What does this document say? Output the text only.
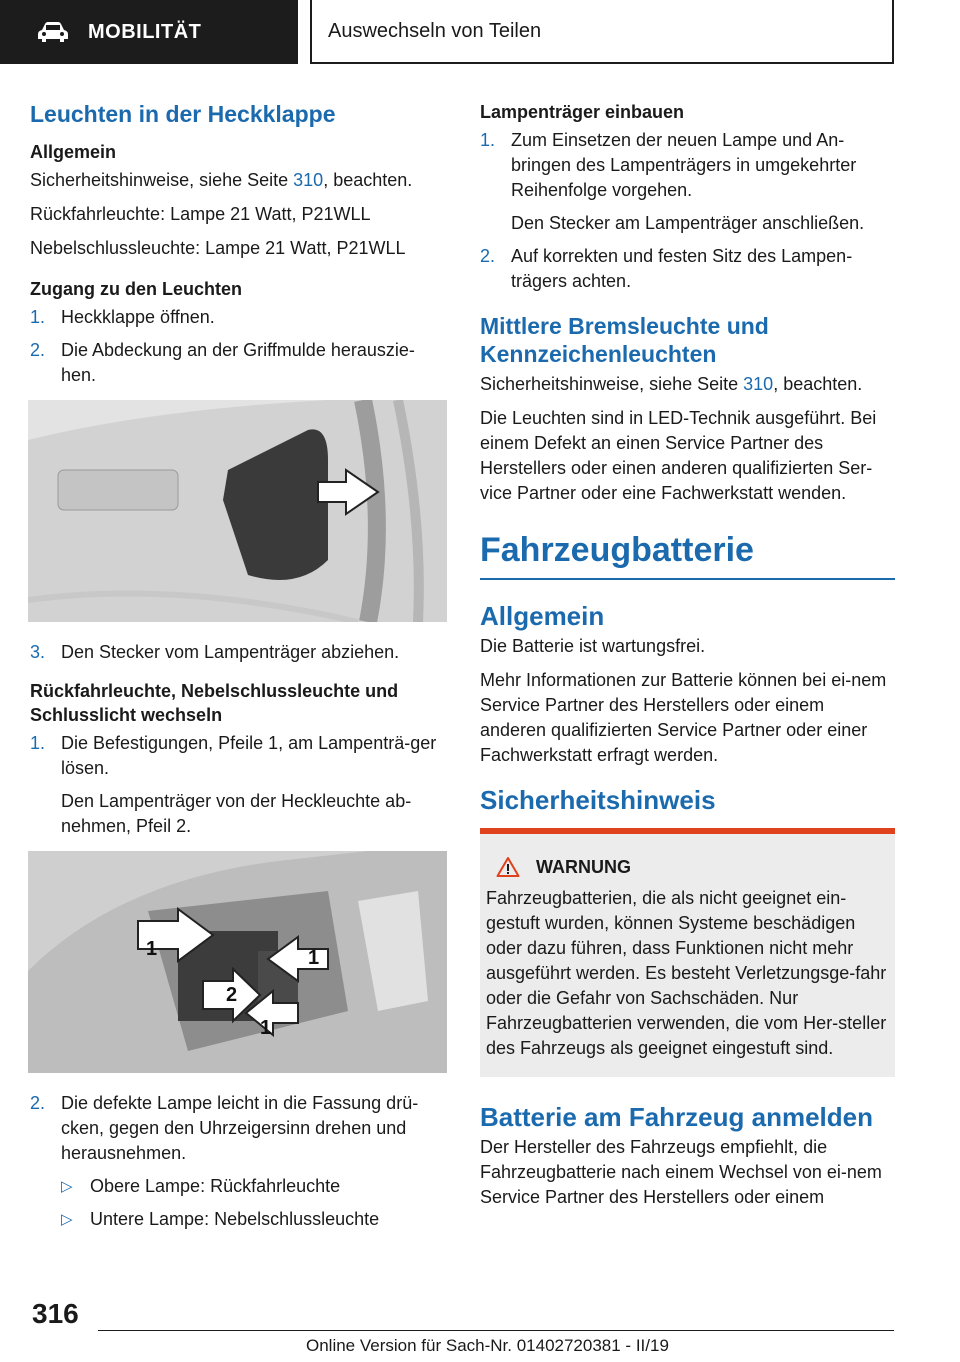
MOBILITÄT	Auswechseln von Teilen
Leuchten in der Heckklappe
Allgemein

Sicherheitshinweise, siehe Seite 310, beachten.

Rückfahrleuchte: Lampe 21 Watt, P21WLL

Nebelschlussleuchte: Lampe 21 Watt, P21WLL

Zugang zu den Leuchten
1. Heckklappe öffnen.
2. Die Abdeckung an der Griffmulde herauszie-hen.
3. Den Stecker vom Lampenträger abziehen.
Rückfahrleuchte, Nebelschlussleuchte und Schlusslicht wechseln
1. Die Befestigungen, Pfeile 1, am Lampenträ-ger lösen.
Den Lampenträger von der Heckleuchte ab-nehmen, Pfeil 2.
1	1
2
1
2. Die defekte Lampe leicht in die Fassung drü-cken, gegen den Uhrzeigersinn drehen und herausnehmen.
▷ Obere Lampe: Rückfahrleuchte
▷ Untere Lampe: Nebelschlussleuchte
Lampenträger einbauen
1. Zum Einsetzen der neuen Lampe und An-bringen des Lampenträgers in umgekehrter Reihenfolge vorgehen.
Den Stecker am Lampenträger anschließen.
2. Auf korrekten und festen Sitz des Lampen-trägers achten.
Mittlere Bremsleuchte und Kennzeichenleuchten

Sicherheitshinweise, siehe Seite 310, beachten.

Die Leuchten sind in LED-Technik ausgeführt. Bei einem Defekt an einen Service Partner des Herstellers oder einen anderen qualifizierten Ser-vice Partner oder eine Fachwerkstatt wenden.

Fahrzeugbatterie
Allgemein

Die Batterie ist wartungsfrei.

Mehr Informationen zur Batterie können bei ei-nem Service Partner des Herstellers oder einem anderen qualifizierten Service Partner oder einer Fachwerkstatt erfragt werden.

Sicherheitshinweis
WARNUNG

Fahrzeugbatterien, die als nicht geeignet ein-gestuft wurden, können Systeme beschädigen oder dazu führen, dass Funktionen nicht mehr ausgeführt werden. Es besteht Verletzungsge-fahr oder die Gefahr von Sachschäden. Nur Fahrzeugbatterien verwenden, die vom Her-steller des Fahrzeugs als geeignet eingestuft sind.

Batterie am Fahrzeug anmelden

Der Hersteller des Fahrzeugs empfiehlt, die Fahrzeugbatterie nach einem Wechsel von ei-nem Service Partner des Herstellers oder einem

316
Online Version für Sach-Nr. 01402720381 - II/19
